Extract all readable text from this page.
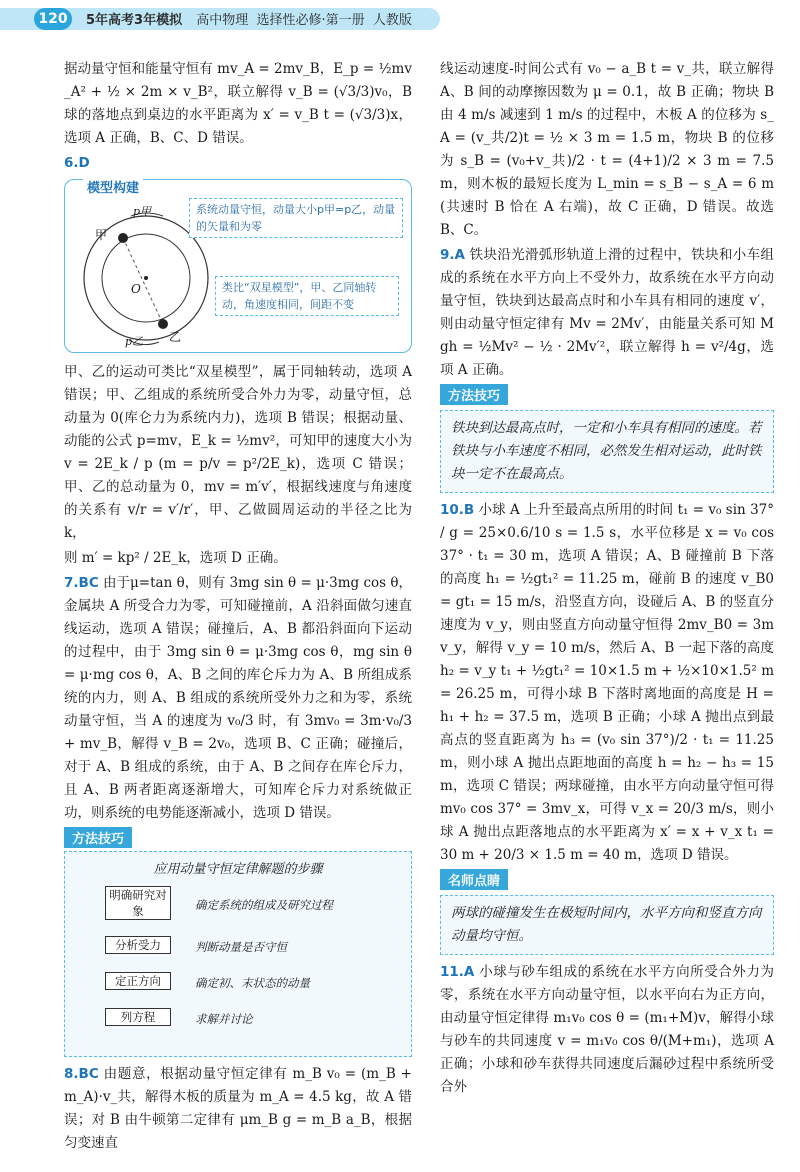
120	5年高考3年模拟 高中物理 选择性必修·第一册 人教版

据动量守恒和能量守恒有 mv_A = 2mv_B，E_p = ½mv_A² + ½ × 2m × v_B²，联立解得 v_B = (√3/3)v₀，B 球的落地点到桌边的水平距离为 x′ = v_B t = (√3/3)x，选项 A 正确，B、C、D 错误。

6.D
模型构建
甲
p甲
O
乙
p乙
系统动量守恒，动量大小p甲=p乙，动量的矢量和为零
类比“双星模型”，甲、乙同轴转动，角速度相同，间距不变

甲、乙的运动可类比“双星模型”，属于同轴转动，选项 A 错误；甲、乙组成的系统所受合外力为零，动量守恒，总动量为 0(库仑力为系统内力)，选项 B 错误；根据动量、动能的公式 p=mv，E_k = ½mv²，可知甲的速度大小为 v = 2E_k / p (m = p/v = p²/2E_k)，选项 C 错误；甲、乙的总动量为 0，mv = m′v′，根据线速度与角速度的关系有 v/r = v′/r′，甲、乙做圆周运动的半径之比为 k，

则 m′ = kp² / 2E_k，选项 D 正确。

7.BC 由于μ=tan θ，则有 3mg sin θ = μ·3mg cos θ，金属块 A 所受合力为零，可知碰撞前，A 沿斜面做匀速直线运动，选项 A 错误；碰撞后，A、B 都沿斜面向下运动的过程中，由于 3mg sin θ = μ·3mg cos θ，mg sin θ = μ·mg cos θ，A、B 之间的库仑斥力为 A、B 所组成系统的内力，则 A、B 组成的系统所受外力之和为零，系统动量守恒，当 A 的速度为 v₀/3 时，有 3mv₀ = 3m·v₀/3 + mv_B，解得 v_B = 2v₀，选项 B、C 正确；碰撞后，对于 A、B 组成的系统，由于 A、B 之间存在库仑斥力，且 A、B 两者距离逐渐增大，可知库仑斥力对系统做正功，则系统的电势能逐渐减小，选项 D 错误。

方法技巧
应用动量守恒定律解题的步骤
明确研究对象	确定系统的组成及研究过程
分析受力	判断动量是否守恒
定正方向	确定初、末状态的动量
列方程	求解并讨论

8.BC 由题意，根据动量守恒定律有 m_B v₀ = (m_B + m_A)·v_共，解得木板的质量为 m_A = 4.5 kg，故 A 错误；对 B 由牛顿第二定律有 μm_B g = m_B a_B，根据匀变速直

线运动速度-时间公式有 v₀ − a_B t = v_共，联立解得 A、B 间的动摩擦因数为 μ = 0.1，故 B 正确；物块 B 由 4 m/s 减速到 1 m/s 的过程中，木板 A 的位移为 s_A = (v_共/2)t = ½ × 3 m = 1.5 m，物块 B 的位移为 s_B = (v₀+v_共)/2 · t = (4+1)/2 × 3 m = 7.5 m，则木板的最短长度为 L_min = s_B − s_A = 6 m (共速时 B 恰在 A 右端)，故 C 正确，D 错误。故选 B、C。

9.A 铁块沿光滑弧形轨道上滑的过程中，铁块和小车组成的系统在水平方向上不受外力，故系统在水平方向动量守恒，铁块到达最高点时和小车具有相同的速度 v′，则由动量守恒定律有 Mv = 2Mv′，由能量关系可知 Mgh = ½Mv² − ½ · 2Mv′²，联立解得 h = v²/4g，选项 A 正确。

方法技巧
铁块到达最高点时，一定和小车具有相同的速度。若铁块与小车速度不相同，必然发生相对运动，此时铁块一定不在最高点。

10.B 小球 A 上升至最高点所用的时间 t₁ = v₀ sin 37° / g = 25×0.6/10 s = 1.5 s，水平位移是 x = v₀ cos 37° · t₁ = 30 m，选项 A 错误；A、B 碰撞前 B 下落的高度 h₁ = ½gt₁² = 11.25 m，碰前 B 的速度 v_B0 = gt₁ = 15 m/s，沿竖直方向，设碰后 A、B 的竖直分速度为 v_y，则由竖直方向动量守恒得 2mv_B0 = 3mv_y，解得 v_y = 10 m/s，然后 A、B 一起下落的高度 h₂ = v_y t₁ + ½gt₁² = 10×1.5 m + ½×10×1.5² m = 26.25 m，可得小球 B 下落时离地面的高度是 H = h₁ + h₂ = 37.5 m，选项 B 正确；小球 A 抛出点到最高点的竖直距离为 h₃ = (v₀ sin 37°)/2 · t₁ = 11.25 m，则小球 A 抛出点距地面的高度 h = h₂ − h₃ = 15 m，选项 C 错误；两球碰撞，由水平方向动量守恒可得 mv₀ cos 37° = 3mv_x，可得 v_x = 20/3 m/s，则小球 A 抛出点距落地点的水平距离为 x′ = x + v_x t₁ = 30 m + 20/3 × 1.5 m = 40 m，选项 D 错误。

名师点睛
两球的碰撞发生在极短时间内，水平方向和竖直方向动量均守恒。

11.A 小球与砂车组成的系统在水平方向所受合外力为零，系统在水平方向动量守恒，以水平向右为正方向，由动量守恒定律得 m₁v₀ cos θ = (m₁+M)v，解得小球与砂车的共同速度 v = m₁v₀ cos θ/(M+m₁)，选项 A 正确；小球和砂车获得共同速度后漏砂过程中系统所受合外
